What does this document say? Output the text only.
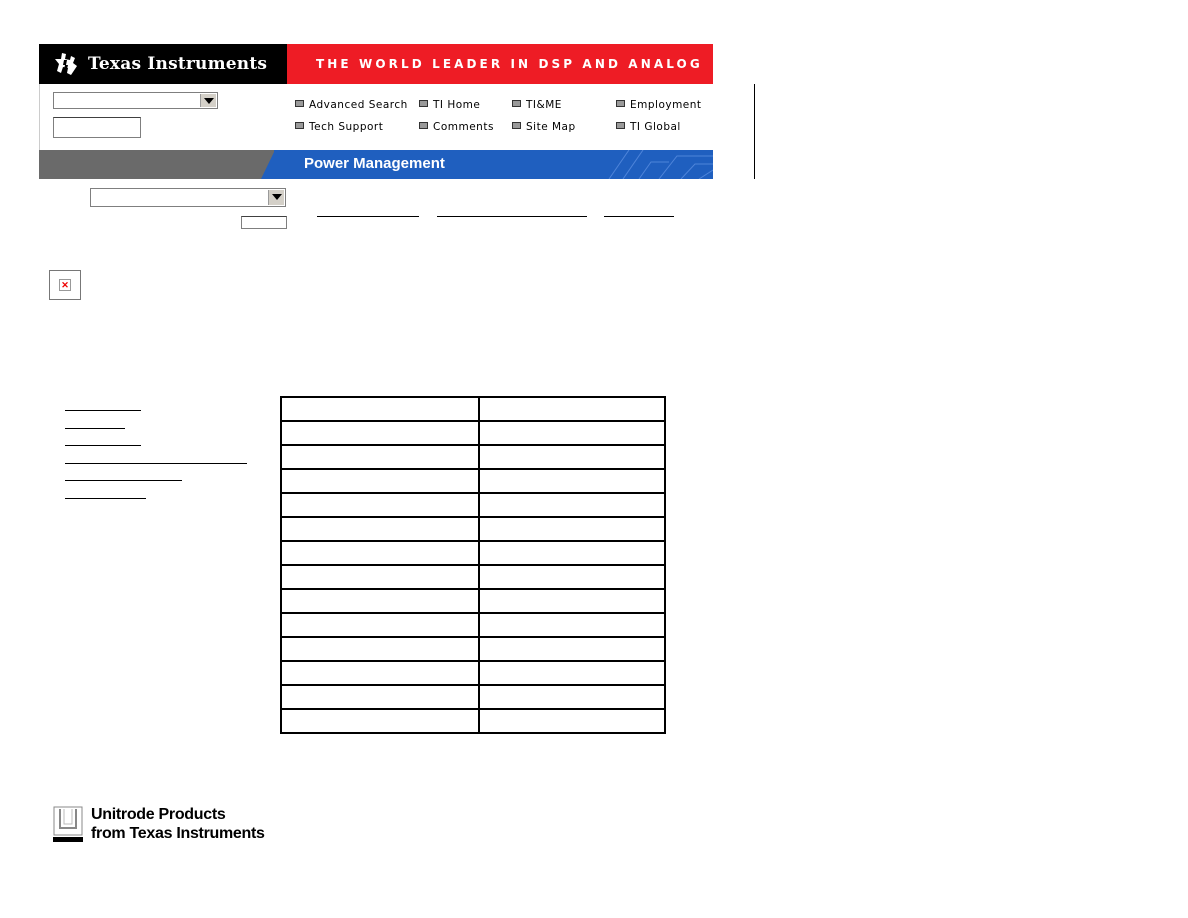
Texas Instruments	THE WORLD LEADER IN DSP AND ANALOG
Advanced Search	TI Home	TI&ME	Employment
Tech Support	Comments	Site Map	TI Global
Power Management
✕
Unitrode Products
from Texas Instruments
